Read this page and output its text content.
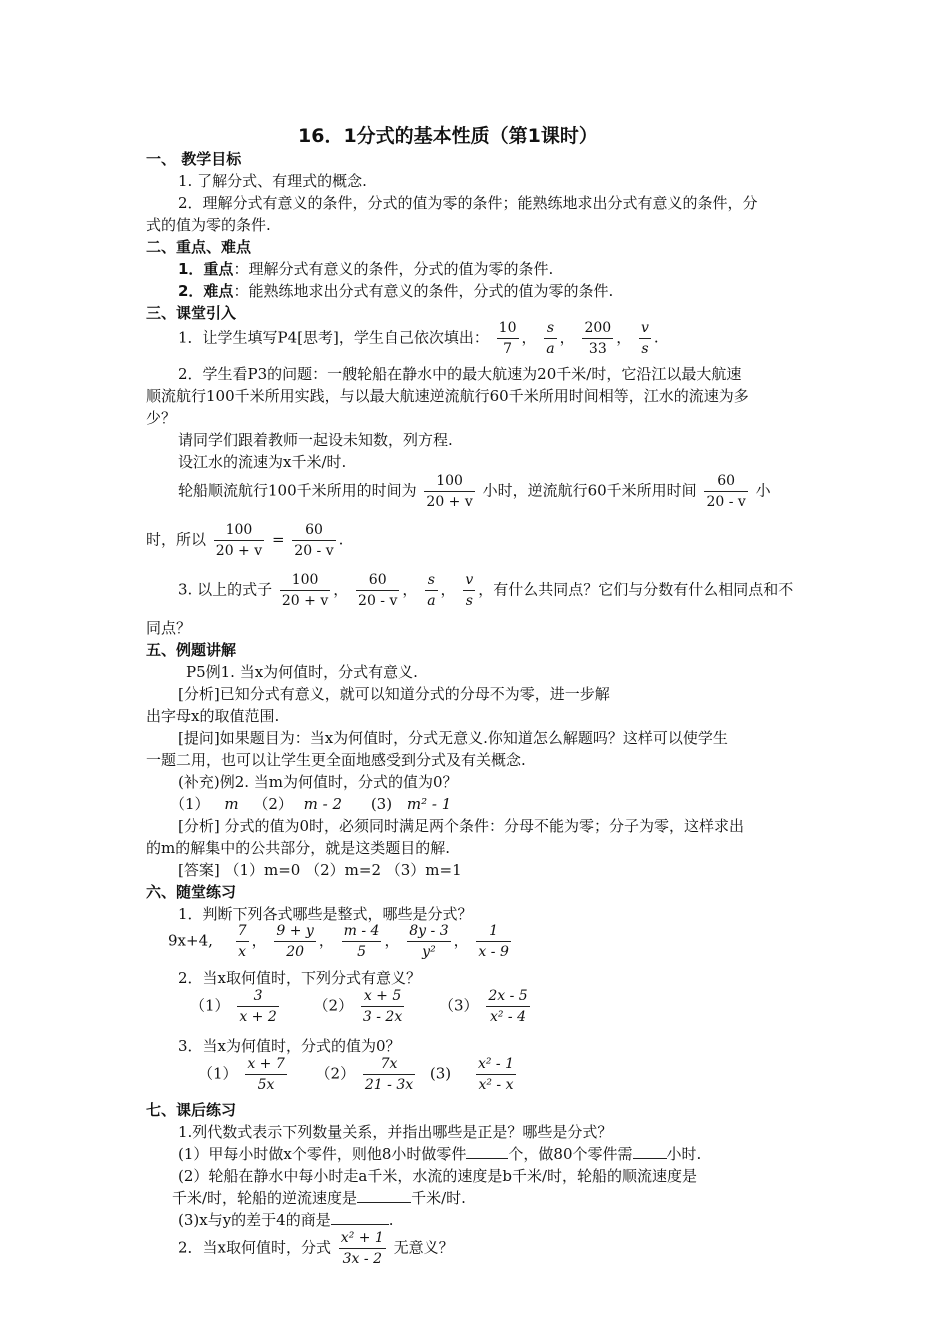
16．1分式的基本性质（第1课时）
一、 教学目标
1. 了解分式、有理式的概念.
2．理解分式有意义的条件，分式的值为零的条件；能熟练地求出分式有意义的条件，分
式的值为零的条件.
二、重点、难点
1．重点：理解分式有意义的条件，分式的值为零的条件.
2．难点：能熟练地求出分式有意义的条件，分式的值为零的条件.
三、课堂引入
1．让学生填写P4[思考]，学生自己依次填出： $\frac{10}{7}$ ， $\frac{s}{a}$ ， $\frac{200}{33}$ ， $\frac{v}{s}$ .
2．学生看P3的问题：一艘轮船在静水中的最大航速为20千米/时，它沿江以最大航速
顺流航行100千米所用实践，与以最大航速逆流航行60千米所用时间相等，江水的流速为多
少？
请同学们跟着教师一起设未知数，列方程.
设江水的流速为x千米/时.
轮船顺流航行100千米所用的时间为 $\frac{100}{20 + v}$ 小时，逆流航行60千米所用时间 $\frac{60}{20 - v}$ 小
时，所以 $\frac{100}{20 + v} = \frac{60}{20 - v}$ .
3. 以上的式子 $\frac{100}{20 + v}$ ， $\frac{60}{20 - v}$ ， $\frac{s}{a}$ ， $\frac{v}{s}$ ，有什么共同点？它们与分数有什么相同点和不
同点？
五、例题讲解
P5例1. 当x为何值时，分式有意义.
[分析]已知分式有意义，就可以知道分式的分母不为零，进一步解
出字母x的取值范围.
[提问]如果题目为：当x为何值时，分式无意义.你知道怎么解题吗？这样可以使学生
一题二用，也可以让学生更全面地感受到分式及有关概念.
(补充)例2. 当m为何值时，分式的值为0？
（1） m （2） m - 2 (3) m² - 1
[分析] 分式的值为0时，必须同时满足两个条件：分母不能为零；分子为零，这样求出
的m的解集中的公共部分，就是这类题目的解.
[答案] （1）m=0 （2）m=2 （3）m=1
六、随堂练习
1．判断下列各式哪些是整式，哪些是分式？
9x+4, $\frac{7}{x}$ ， $\frac{9 + y}{20}$ ， $\frac{m - 4}{5}$ ， $\frac{8y - 3}{\text{y²}}$ ， $\frac{1}{x - 9}$
2．当x取何值时，下列分式有意义？
$(1) \frac{3}{x + 2} (2) \frac{x + 5}{3 - 2x} (3) \frac{2x - 5}{\text{x² - 4}}$
3．当x为何值时，分式的值为0？
$(1) \frac{x + 7}{5x} (2) \frac{7x}{21 - 3x} (3) \frac{\text{x² - 1}}{\text{x² - x}}$
七、课后练习
1.列代数式表示下列数量关系，并指出哪些是正是？哪些是分式？
(1）甲每小时做x个零件，则他8小时做零件	个，做80个零件需 小时.
(2）轮船在静水中每小时走a千米，水流的速度是b千米/时，轮船的顺流速度是
千米/时，轮船的逆流速度是	千米/时.
(3)x与y的差于4的商是	.
2．当x取何值时，分式 $\frac{\text{x² + 1}}{3x - 2}$ 无意义？
